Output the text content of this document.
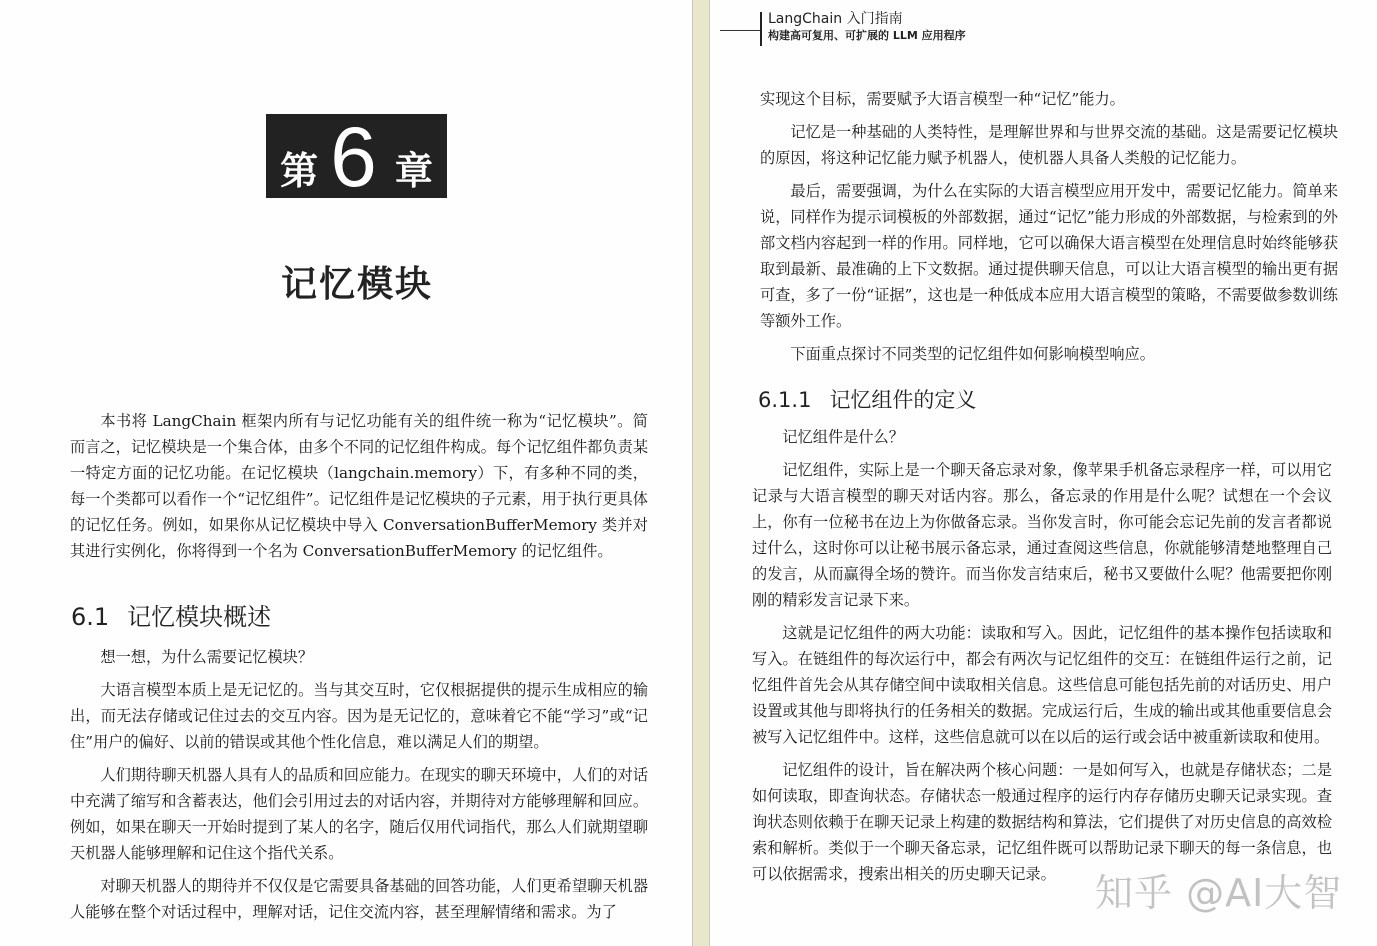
第 6 章
记忆模块

本书将 LangChain 框架内所有与记忆功能有关的组件统一称为“记忆模块”。简而言之，记忆模块是一个集合体，由多个不同的记忆组件构成。每个记忆组件都负责某一特定方面的记忆功能。在记忆模块（langchain.memory）下，有多种不同的类，每一个类都可以看作一个“记忆组件”。记忆组件是记忆模块的子元素，用于执行更具体的记忆任务。例如，如果你从记忆模块中导入 ConversationBufferMemory 类并对其进行实例化，你将得到一个名为 ConversationBufferMemory 的记忆组件。

6.1 记忆模块概述

想一想，为什么需要记忆模块？

大语言模型本质上是无记忆的。当与其交互时，它仅根据提供的提示生成相应的输出，而无法存储或记住过去的交互内容。因为是无记忆的，意味着它不能“学习”或“记住”用户的偏好、以前的错误或其他个性化信息，难以满足人们的期望。

人们期待聊天机器人具有人的品质和回应能力。在现实的聊天环境中，人们的对话中充满了缩写和含蓄表达，他们会引用过去的对话内容，并期待对方能够理解和回应。例如，如果在聊天一开始时提到了某人的名字，随后仅用代词指代，那么人们就期望聊天机器人能够理解和记住这个指代关系。

对聊天机器人的期待并不仅仅是它需要具备基础的回答功能，人们更希望聊天机器人能够在整个对话过程中，理解对话，记住交流内容，甚至理解情绪和需求。为了

LangChain 入门指南
构建高可复用、可扩展的 LLM 应用程序

实现这个目标，需要赋予大语言模型一种“记忆”能力。

记忆是一种基础的人类特性，是理解世界和与世界交流的基础。这是需要记忆模块的原因，将这种记忆能力赋予机器人，使机器人具备人类般的记忆能力。

最后，需要强调，为什么在实际的大语言模型应用开发中，需要记忆能力。简单来说，同样作为提示词模板的外部数据，通过“记忆”能力形成的外部数据，与检索到的外部文档内容起到一样的作用。同样地，它可以确保大语言模型在处理信息时始终能够获取到最新、最准确的上下文数据。通过提供聊天信息，可以让大语言模型的输出更有据可查，多了一份“证据”，这也是一种低成本应用大语言模型的策略，不需要做参数训练等额外工作。

下面重点探讨不同类型的记忆组件如何影响模型响应。

6.1.1 记忆组件的定义

记忆组件是什么？

记忆组件，实际上是一个聊天备忘录对象，像苹果手机备忘录程序一样，可以用它记录与大语言模型的聊天对话内容。那么，备忘录的作用是什么呢？试想在一个会议上，你有一位秘书在边上为你做备忘录。当你发言时，你可能会忘记先前的发言者都说过什么，这时你可以让秘书展示备忘录，通过查阅这些信息，你就能够清楚地整理自己的发言，从而赢得全场的赞许。而当你发言结束后，秘书又要做什么呢？他需要把你刚刚的精彩发言记录下来。

这就是记忆组件的两大功能：读取和写入。因此，记忆组件的基本操作包括读取和写入。在链组件的每次运行中，都会有两次与记忆组件的交互：在链组件运行之前，记忆组件首先会从其存储空间中读取相关信息。这些信息可能包括先前的对话历史、用户设置或其他与即将执行的任务相关的数据。完成运行后，生成的输出或其他重要信息会被写入记忆组件中。这样，这些信息就可以在以后的运行或会话中被重新读取和使用。

记忆组件的设计，旨在解决两个核心问题：一是如何写入，也就是存储状态；二是如何读取，即查询状态。存储状态一般通过程序的运行内存存储历史聊天记录实现。查询状态则依赖于在聊天记录上构建的数据结构和算法，它们提供了对历史信息的高效检索和解析。类似于一个聊天备忘录，记忆组件既可以帮助记录下聊天的每一条信息，也可以依据需求，搜索出相关的历史聊天记录。	知乎 @AI大智
